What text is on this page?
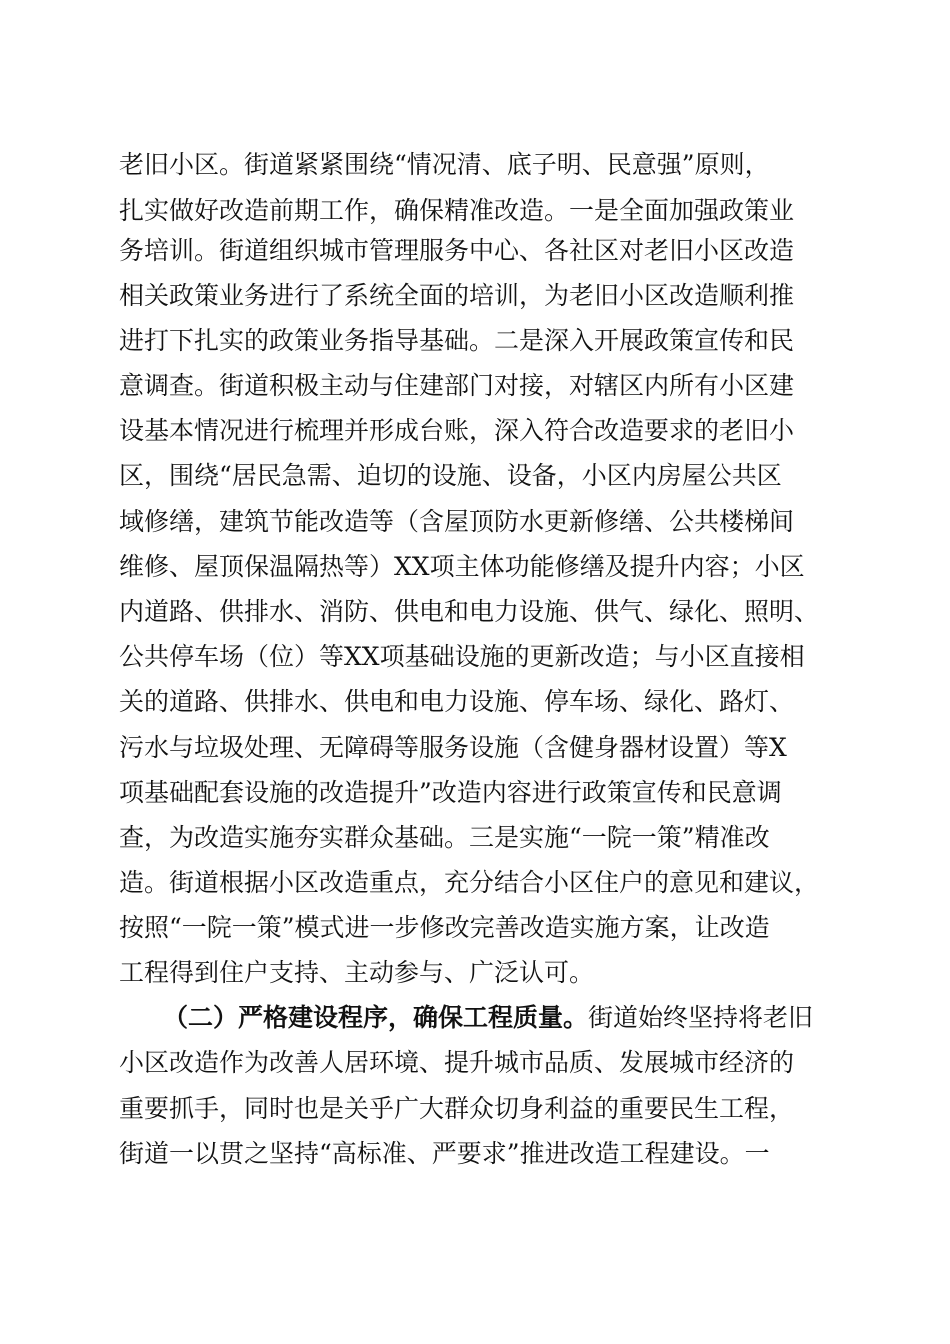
老旧小区。街道紧紧围绕“情况清、底子明、民意强”原则，
扎实做好改造前期工作，确保精准改造。一是全面加强政策业
务培训。街道组织城市管理服务中心、各社区对老旧小区改造
相关政策业务进行了系统全面的培训，为老旧小区改造顺利推
进打下扎实的政策业务指导基础。二是深入开展政策宣传和民
意调查。街道积极主动与住建部门对接，对辖区内所有小区建
设基本情况进行梳理并形成台账，深入符合改造要求的老旧小
区，围绕“居民急需、迫切的设施、设备，小区内房屋公共区
域修缮，建筑节能改造等（含屋顶防水更新修缮、公共楼梯间
维修、屋顶保温隔热等）XX项主体功能修缮及提升内容；小区
内道路、供排水、消防、供电和电力设施、供气、绿化、照明、
公共停车场（位）等XX项基础设施的更新改造；与小区直接相
关的道路、供排水、供电和电力设施、停车场、绿化、路灯、
污水与垃圾处理、无障碍等服务设施（含健身器材设置）等X
项基础配套设施的改造提升”改造内容进行政策宣传和民意调
查，为改造实施夯实群众基础。三是实施“一院一策”精准改
造。街道根据小区改造重点，充分结合小区住户的意见和建议，
按照“一院一策”模式进一步修改完善改造实施方案，让改造
工程得到住户支持、主动参与、广泛认可。
（二）严格建设程序，确保工程质量。街道始终坚持将老旧
小区改造作为改善人居环境、提升城市品质、发展城市经济的
重要抓手，同时也是关乎广大群众切身利益的重要民生工程，
街道一以贯之坚持“高标准、严要求”推进改造工程建设。一
